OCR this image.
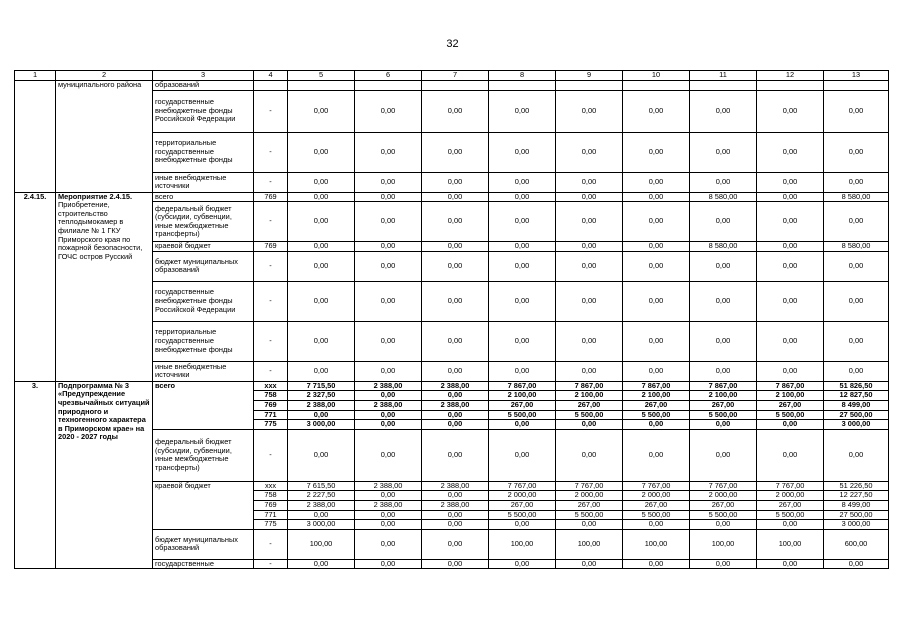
32
1	2	3	4	5	6	7	8	9	10	11	12	13
	муниципального района	образований										
		государственные внебюджетные фонды Российской Федерации	-	0,00	0,00	0,00	0,00	0,00	0,00	0,00	0,00	0,00
		территориальные государственные внебюджетные фонды	-	0,00	0,00	0,00	0,00	0,00	0,00	0,00	0,00	0,00
		иные внебюджетные источники	-	0,00	0,00	0,00	0,00	0,00	0,00	0,00	0,00	0,00
2.4.15.	Мероприятие 2.4.15. Приобретение, строительство теплодымокамер в филиале № 1 ГКУ Приморского края по пожарной безопасности, ГОЧС остров Русский	всего	769	0,00	0,00	0,00	0,00	0,00	0,00	8 580,00	0,00	8 580,00
		федеральный бюджет (субсидии, субвенции, иные межбюджетные трансферты)	-	0,00	0,00	0,00	0,00	0,00	0,00	0,00	0,00	0,00
		краевой бюджет	769	0,00	0,00	0,00	0,00	0,00	0,00	8 580,00	0,00	8 580,00
		бюджет муниципальных образований	-	0,00	0,00	0,00	0,00	0,00	0,00	0,00	0,00	0,00
		государственные внебюджетные фонды Российской Федерации	-	0,00	0,00	0,00	0,00	0,00	0,00	0,00	0,00	0,00
		территориальные государственные внебюджетные фонды	-	0,00	0,00	0,00	0,00	0,00	0,00	0,00	0,00	0,00
		иные внебюджетные источники	-	0,00	0,00	0,00	0,00	0,00	0,00	0,00	0,00	0,00
3.	Подпрограмма № 3 «Предупреждение чрезвычайных ситуаций природного и техногенного характера в Приморском крае» на 2020 - 2027 годы	всего	ххх	7 715,50	2 388,00	2 388,00	7 867,00	7 867,00	7 867,00	7 867,00	7 867,00	51 826,50
			758	2 327,50	0,00	0,00	2 100,00	2 100,00	2 100,00	2 100,00	2 100,00	12 827,50
			769	2 388,00	2 388,00	2 388,00	267,00	267,00	267,00	267,00	267,00	8 499,00
			771	0,00	0,00	0,00	5 500,00	5 500,00	5 500,00	5 500,00	5 500,00	27 500,00
			775	3 000,00	0,00	0,00	0,00	0,00	0,00	0,00	0,00	3 000,00
		федеральный бюджет (субсидии, субвенции, иные межбюджетные трансферты)	-	0,00	0,00	0,00	0,00	0,00	0,00	0,00	0,00	0,00
		краевой бюджет	ххх	7 615,50	2 388,00	2 388,00	7 767,00	7 767,00	7 767,00	7 767,00	7 767,00	51 226,50
			758	2 227,50	0,00	0,00	2 000,00	2 000,00	2 000,00	2 000,00	2 000,00	12 227,50
			769	2 388,00	2 388,00	2 388,00	267,00	267,00	267,00	267,00	267,00	8 499,00
			771	0,00	0,00	0,00	5 500,00	5 500,00	5 500,00	5 500,00	5 500,00	27 500,00
			775	3 000,00	0,00	0,00	0,00	0,00	0,00	0,00	0,00	3 000,00
		бюджет муниципальных образований	-	100,00	0,00	0,00	100,00	100,00	100,00	100,00	100,00	600,00
		государственные	-	0,00	0,00	0,00	0,00	0,00	0,00	0,00	0,00	0,00
